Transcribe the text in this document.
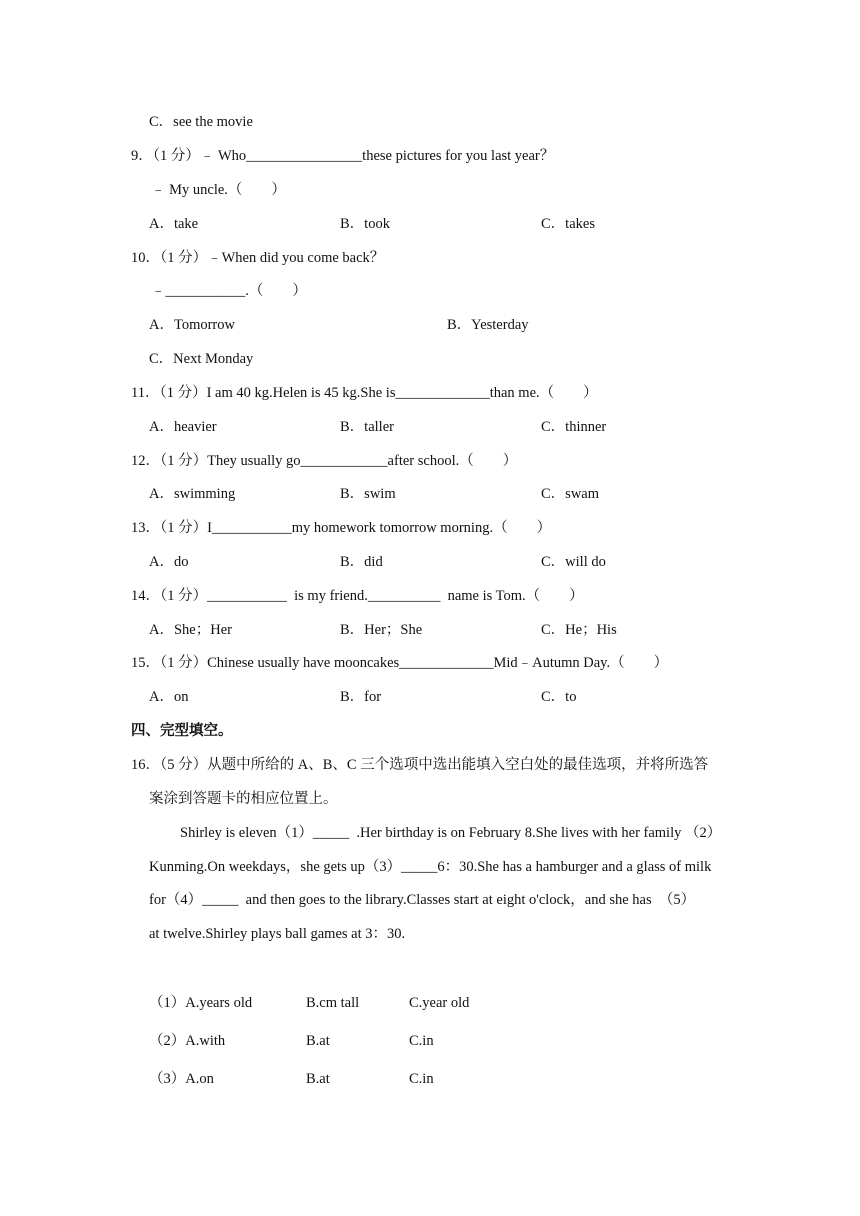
C．see the movie
9．（1 分）﹣ Who________________these pictures for you last year？
﹣ My uncle.（　　）
A．take	B．took	C．takes
10．（1 分）﹣When did you come back？
﹣___________.（　　）
A．Tomorrow	B．Yesterday
C．Next Monday
11．（1 分）I am 40 kg.Helen is 45 kg.She is_____________than me.（　　）
A．heavier	B．taller	C．thinner
12．（1 分）They usually go____________after school.（　　）
A．swimming	B．swim	C．swam
13．（1 分）I___________my homework tomorrow morning.（　　）
A．do	B．did	C．will do
14．（1 分）___________  is my friend.__________  name is Tom.（　　）
A．She；Her	B．Her；She	C．He；His
15．（1 分）Chinese usually have mooncakes_____________Mid﹣Autumn Day.（　　）
A．on	B．for	C．to
四、完型填空。
16．（5 分）从题中所给的 A、B、C 三个选项中选出能填入空白处的最佳选项，并将所选答
案涂到答题卡的相应位置上。
Shirley is eleven（1）_____  .Her birthday is on February 8.She lives with her family （2）
Kunming.On weekdays，she gets up（3）_____6：30.She has a hamburger and a glass of milk
for（4）_____  and then goes to the library.Classes start at eight o'clock，and she has  （5）
at twelve.Shirley plays ball games at 3：30.
（1）A.years old	B.cm tall	C.year old
（2）A.with	B.at	C.in
（3）A.on	B.at	C.in
